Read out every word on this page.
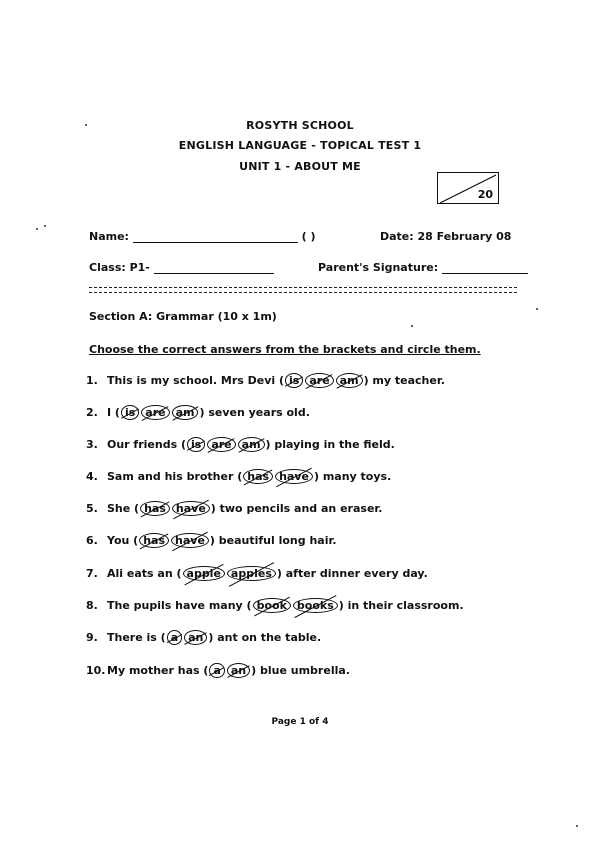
ROSYTH SCHOOL
ENGLISH LANGUAGE - TOPICAL TEST 1
UNIT 1 - ABOUT ME
20
Name:	( )	Date: 28 February 08
Class: P1-	Parent's Signature:
Section A: Grammar (10 x 1m)
Choose the correct answers from the brackets and circle them.
1. This is my school. Mrs Devi ( is are am ) my teacher.
2. I ( is are am ) seven years old.
3. Our friends ( is are am ) playing in the field.
4. Sam and his brother ( has have ) many toys.
5. She ( has have ) two pencils and an eraser.
6. You ( has have ) beautiful long hair.
7. Ali eats an ( apple apples ) after dinner every day.
8. The pupils have many ( book books ) in their classroom.
9. There is ( a an ) ant on the table.
10. My mother has ( a an ) blue umbrella.
Page 1 of 4
